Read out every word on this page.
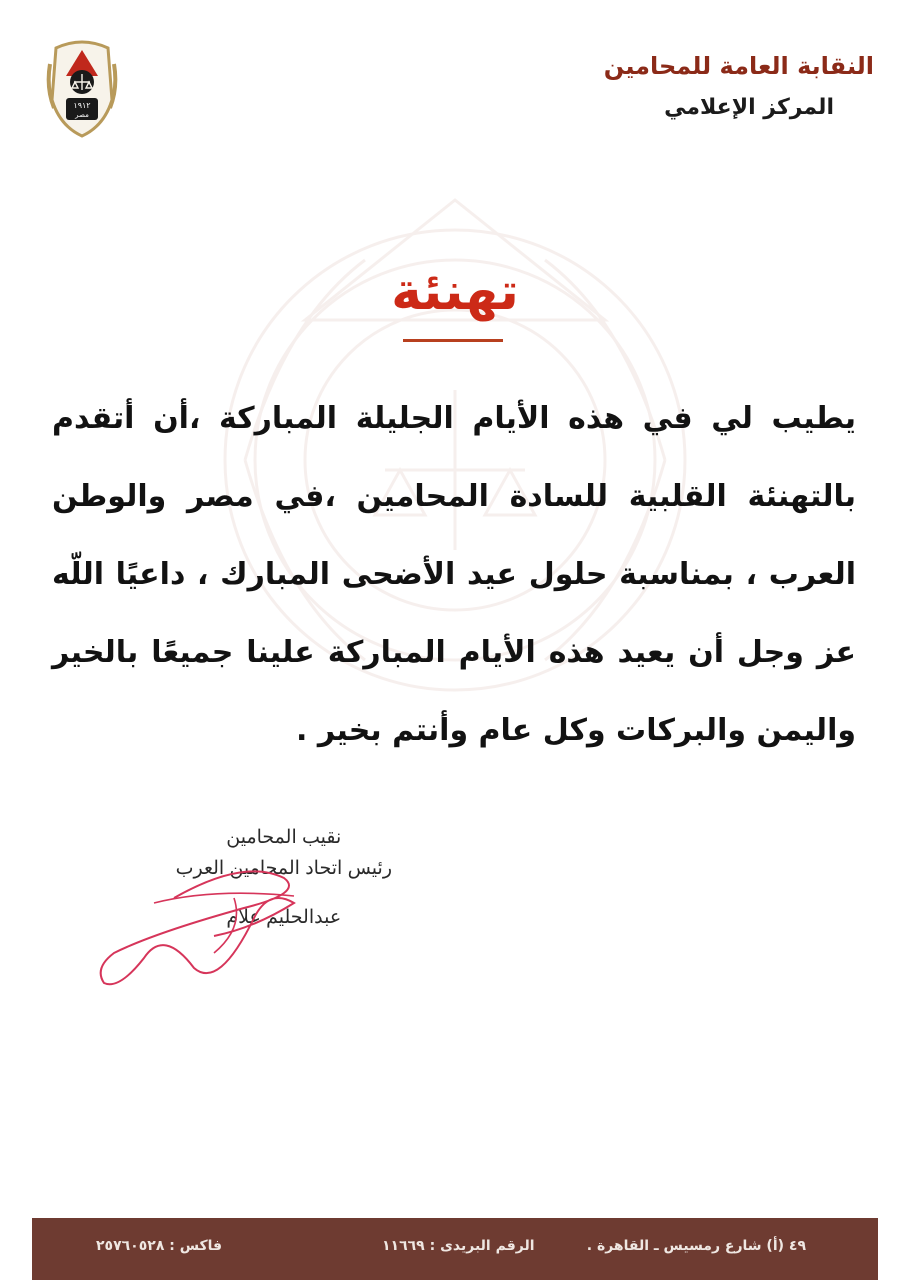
١٩١٢
مصر
النقابة العامة للمحامين
المركز الإعلامي
تهنئة

يطيب لي في هذه الأيام الجليلة المباركة ،أن أتقدم بالتهنئة القلبية للسادة المحامين ،في مصر والوطن العرب ، بمناسبة حلول عيد الأضحى المبارك ، داعيًا اللّه عز وجل أن يعيد هذه الأيام المباركة علينا جميعًا بالخير واليمن والبركات وكل عام وأنتم بخير .

نقيب المحامين
رئيس اتحاد المحامين العرب
عبدالحليم علام
٤٩ (أ) شارع رمسيس ـ القاهرة .
الرقم البريدى : ١١٦٦٩
فاكس : ٢٥٧٦٠٥٢٨
